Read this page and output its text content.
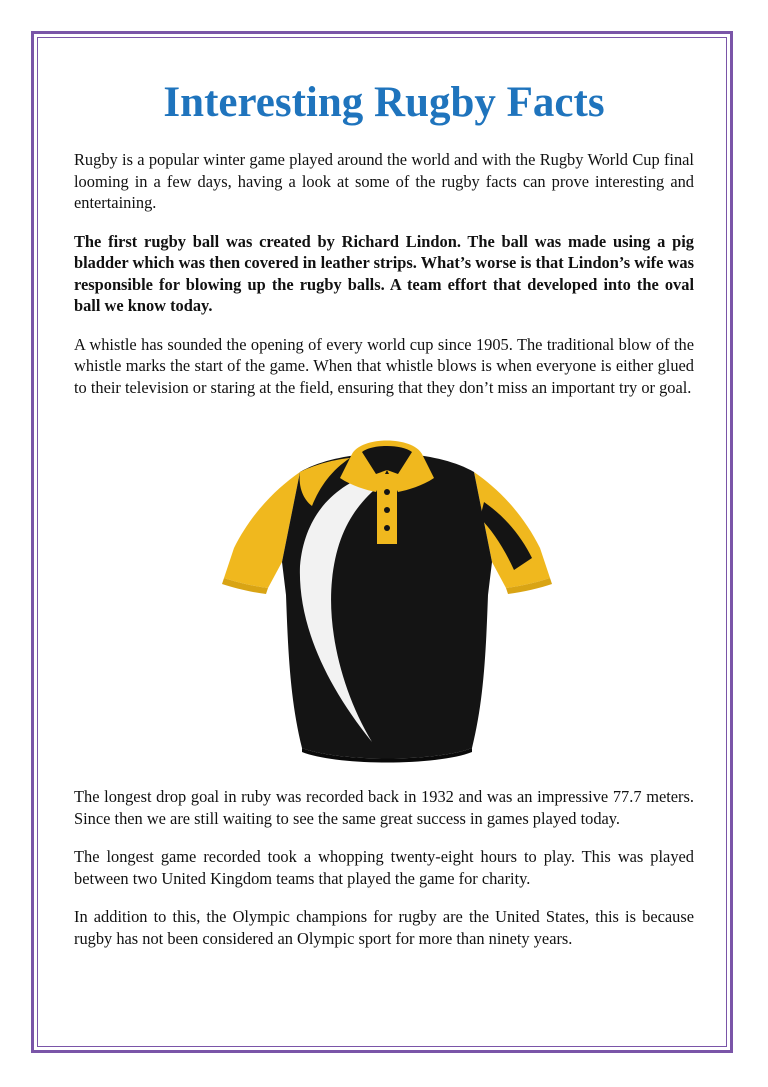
Interesting Rugby Facts

Rugby is a popular winter game played around the world and with the Rugby World Cup final looming in a few days, having a look at some of the rugby facts can prove interesting and entertaining.

The first rugby ball was created by Richard Lindon. The ball was made using a pig bladder which was then covered in leather strips. What’s worse is that Lindon’s wife was responsible for blowing up the rugby balls. A team effort that developed into the oval ball we know today.

A whistle has sounded the opening of every world cup since 1905. The traditional blow of the whistle marks the start of the game. When that whistle blows is when everyone is either glued to their television or staring at the field, ensuring that they don’t miss an important try or goal.

The longest drop goal in ruby was recorded back in 1932 and was an impressive 77.7 meters. Since then we are still waiting to see the same great success in games played today.

The longest game recorded took a whopping twenty-eight hours to play. This was played between two United Kingdom teams that played the game for charity.

In addition to this, the Olympic champions for rugby are the United States, this is because rugby has not been considered an Olympic sport for more than ninety years.
